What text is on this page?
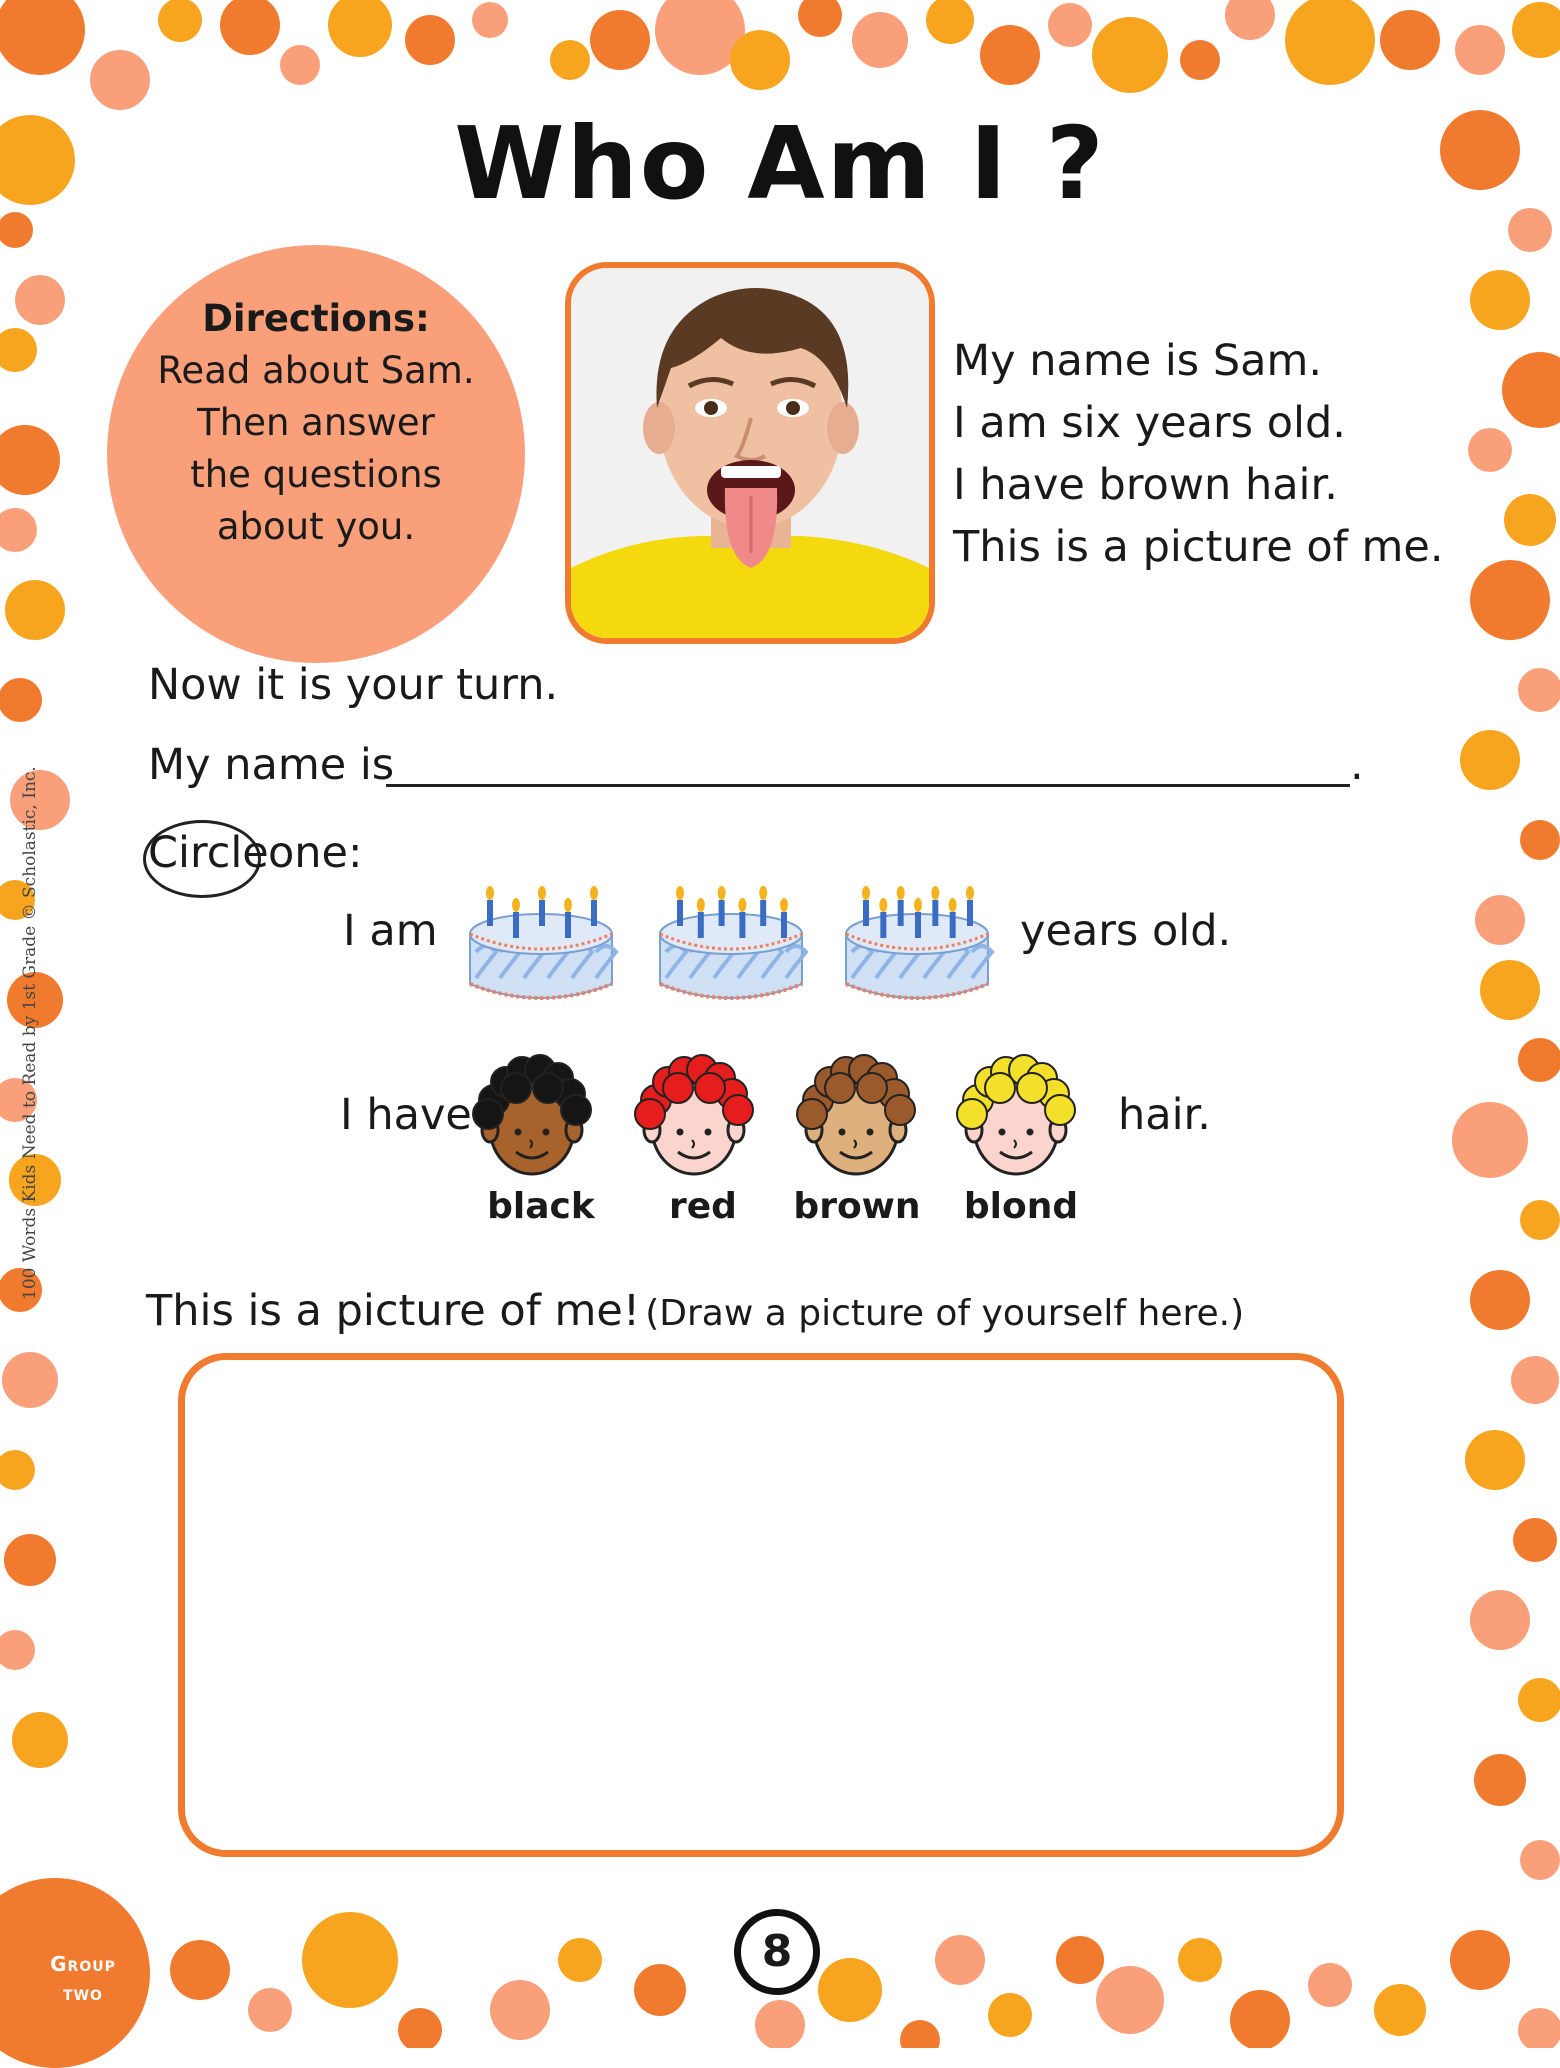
100 Words Kids Need to Read by 1st Grade © Scholastic, Inc.
Who Am I ?
Directions:
Read about Sam.
Then answer
the questions
about you.
My name is Sam.
I am six years old.
I have brown hair.
This is a picture of me.
Now it is your turn.
My name is	.
Circle one:
I am	years old.
I have
black	red	brown	blond
hair.
This is a picture of me! (Draw a picture of yourself here.)
Group
two
8
